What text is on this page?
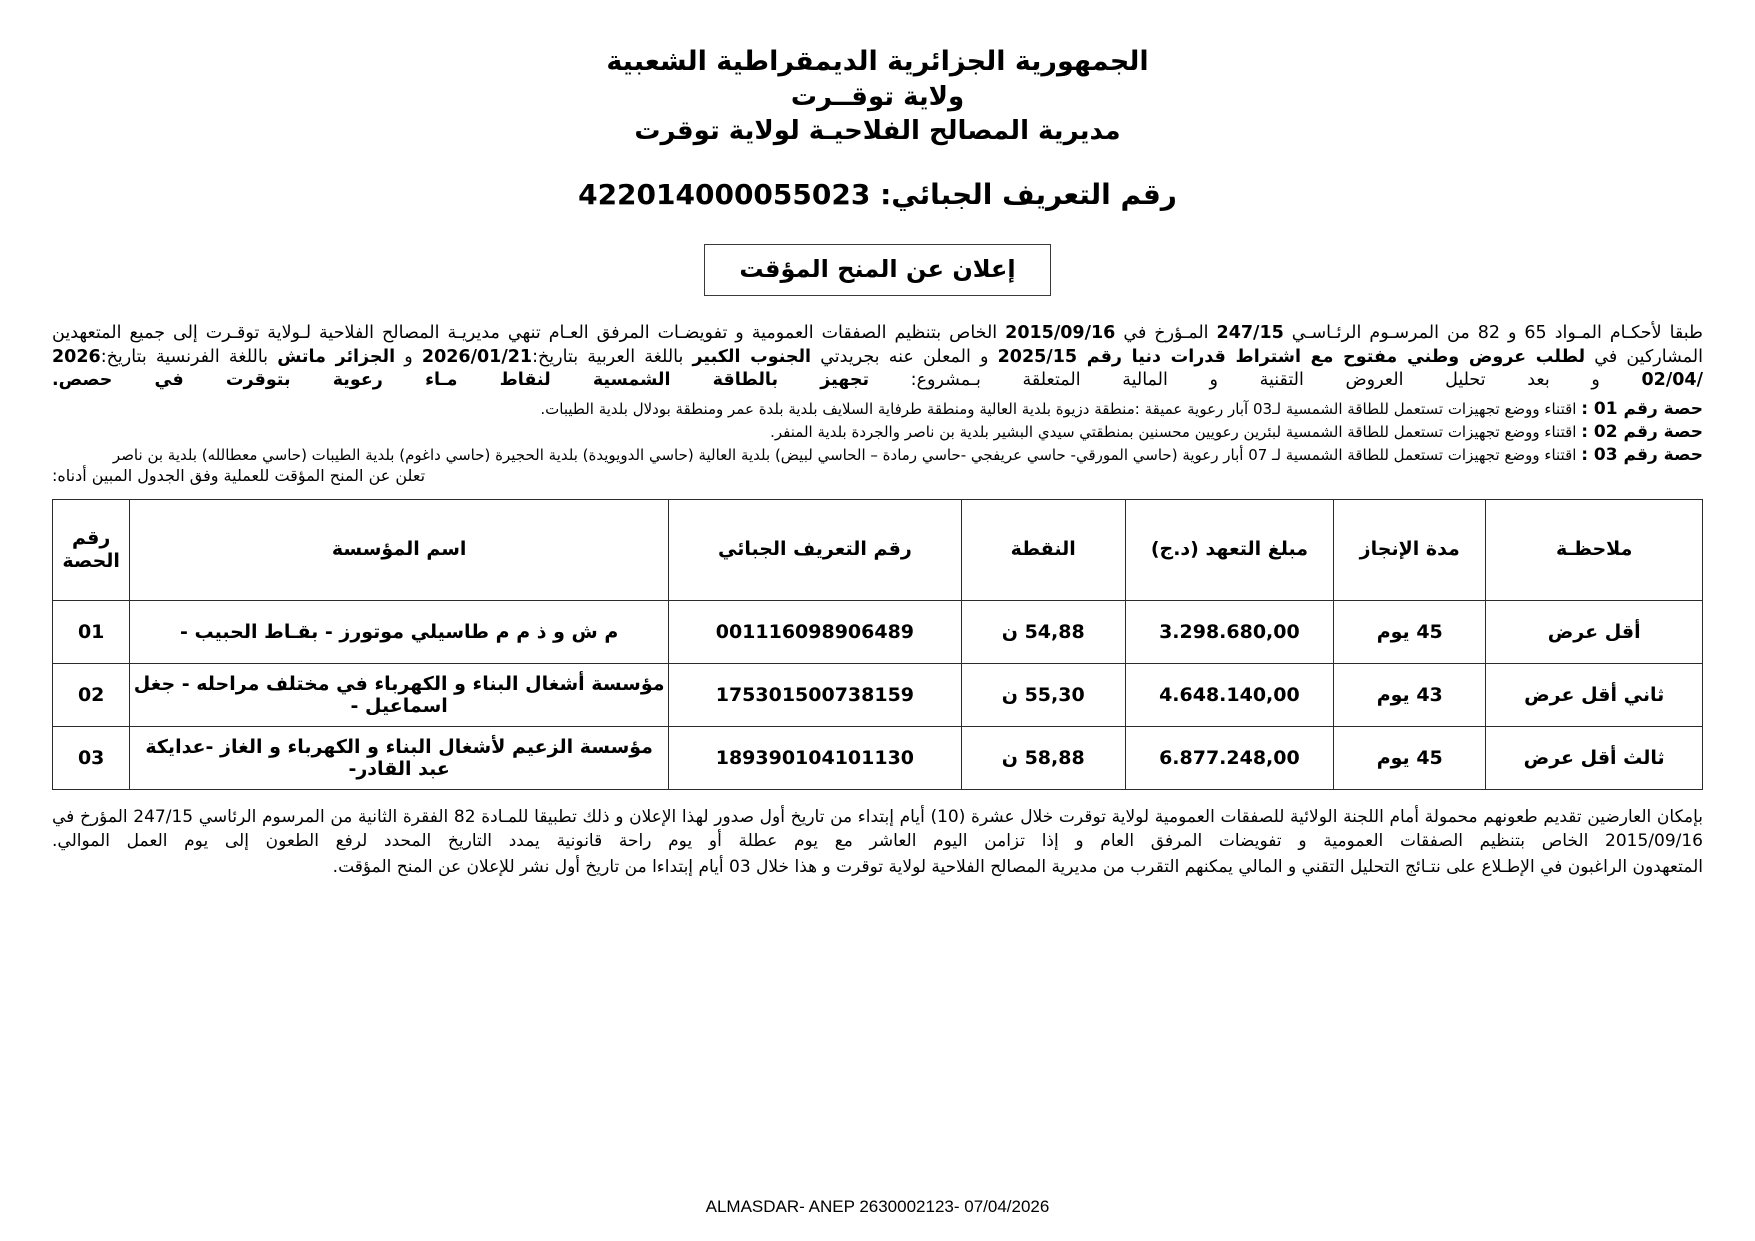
الجمهورية الجزائرية الديمقراطية الشعبية
ولاية توقــرت
مديرية المصالح الفلاحيـة لولاية توقرت
رقم التعريف الجبائي: 422014000055023
إعلان عن المنح المؤقت

طبقا لأحكـام المـواد 65 و 82 من المرسـوم الرئـاسـي 247/15 المـؤرخ في 2015/09/16 الخاص بتنظيم الصفقات العمومية و تفويضـات المرفق العـام تنهي مديريـة المصالح الفلاحية لـولاية توقـرت إلى جميع المتعهدين المشاركين في لطلب عروض وطني مفتوح مع اشتراط قدرات دنيا رقم 2025/15 و المعلن عنه بجريدتي الجنوب الكبير باللغة العربية بتاريخ:2026/01/21 و الجزائر ماتش باللغة الفرنسية بتاريخ:2026 /02/04 و بعد تحليل العروض التقنية و المالية المتعلقة بـمشروع: تجهيز بالطاقة الشمسية لنقاط مـاء رعوية بتوقرت في حصص.

حصة رقم 01 : اقتناء ووضع تجهيزات تستعمل للطاقة الشمسية لـ03 آبار رعوية عميقة :منطقة دزيوة بلدية العالية ومنطقة طرفاية السلايف بلدية بلدة عمر ومنطقة بودلال بلدية الطيبات.

حصة رقم 02 : اقتناء ووضع تجهيزات تستعمل للطاقة الشمسية لبئرين رعويين محسنين بمنطقتي سيدي البشير بلدية بن ناصر والجردة بلدية المنفر.

حصة رقم 03 : اقتناء ووضع تجهيزات تستعمل للطاقة الشمسية لـ 07 أبار رعوية (حاسي المورقي- حاسي عريفجي -حاسي رمادة – الحاسي لبيض) بلدية العالية (حاسي الدويويدة) بلدية الحجيرة (حاسي داغوم) بلدية الطيبات (حاسي معطالله) بلدية بن ناصر

تعلن عن المنح المؤقت للعملية وفق الجدول المبين أدناه:

ملاحظـة	مدة الإنجاز	مبلغ التعهد (د.ج)	النقطة	رقم التعريف الجبائي	اسم المؤسسة	رقم الحصة
أقل عرض	45 يوم	3.298.680,00	54,88 ن	001116098906489	م ش و ذ م م طاسيلي موتورز - بقـاط الحبيب -	01
ثاني أقل عرض	43 يوم	4.648.140,00	55,30 ن	175301500738159	مؤسسة أشغال البناء و الكهرباء في مختلف مراحله - جغل اسماعيل -	02
ثالث أقل عرض	45 يوم	6.877.248,00	58,88 ن	189390104101130	مؤسسة الزعيم لأشغال البناء و الكهرباء و الغاز -عدايكة عبد القادر-	03

بإمكان العارضين تقديم طعونهم محمولة أمام اللجنة الولائية للصفقات العمومية لولاية توقرت خلال عشرة (10) أيام إبتداء من تاريخ أول صدور لهذا الإعلان و ذلك تطبيقا للمـادة 82 الفقرة الثانية من المرسوم الرئاسي 247/15 المؤرخ في 2015/09/16 الخاص بتنظيم الصفقات العمومية و تفويضات المرفق العام و إذا تزامن اليوم العاشر مع يوم عطلة أو يوم راحة قانونية يمدد التاريخ المحدد لرفع الطعون إلى يوم العمل الموالي.

المتعهدون الراغبون في الإطـلاع على نتـائج التحليل التقني و المالي يمكنهم التقرب من مديرية المصالح الفلاحية لولاية توقرت و هذا خلال 03 أيام إبتداءا من تاريخ أول نشر للإعلان عن المنح المؤقت.

ALMASDAR- ANEP 2630002123- 07/04/2026
